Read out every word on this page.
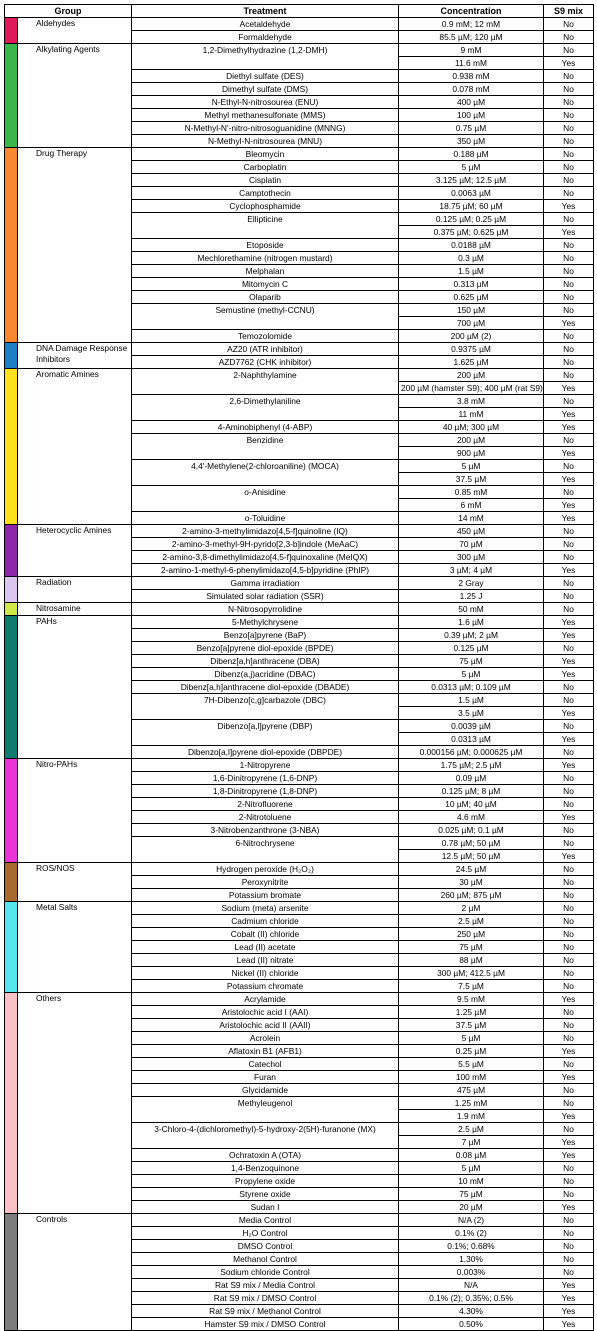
Group		Treatment	Concentration	S9 mix
	Aldehydes	Acetaldehyde	0.9 mM; 12 mM	No
		Formaldehyde	85.5 µM; 120 µM	No
	Alkylating Agents	1,2-Dimethylhydrazine (1,2-DMH)	9 mM	No
			11.6 mM	Yes
		Diethyl sulfate (DES)	0.938 mM	No
		Dimethyl sulfate (DMS)	0.078 mM	No
		N-Ethyl-N-nitrosourea (ENU)	400 µM	No
		Methyl methanesulfonate (MMS)	100 µM	No
		N-Methyl-N'-nitro-nitrosoguanidine (MNNG)	0.75 µM	No
		N-Methyl-N-nitrosourea (MNU)	350 µM	No
	Drug Therapy	Bleomycin	0.188 µM	No
		Carboplatin	5 µM	No
		Cisplatin	3.125 µM; 12.5 µM	No
		Camptothecin	0.0063 µM	No
		Cyclophosphamide	18.75 µM; 60 µM	Yes
		Ellipticine	0.125 µM; 0.25 µM	No
			0.375 µM; 0.625 µM	Yes
		Etoposide	0.0188 µM	No
		Mechlorethamine (nitrogen mustard)	0.3 µM	No
		Melphalan	1.5 µM	No
		Mitomycin C	0.313 µM	No
		Olaparib	0.625 µM	No
		Semustine (methyl-CCNU)	150 µM	No
			700 µM	Yes
		Temozolomide	200 µM (2)	No
	DNA Damage Response Inhibitors	AZ20 (ATR inhibitor)	0.9375 µM	No
		AZD7762 (CHK inhibitor)	1.625 µM	No
	Aromatic Amines	2-Naphthylamine	200 µM	No
			200 µM (hamster S9); 400 µM (rat S9)	Yes
		2,6-Dimethylaniline	3.8 mM	No
			11 mM	Yes
		4-Aminobiphenyl (4-ABP)	40 µM; 300 µM	Yes
		Benzidine	200 µM	No
			900 µM	Yes
		4,4'-Methylene(2-chloroaniline) (MOCA)	5 µM	No
			37.5 µM	Yes
		o-Anisidine	0.85 mM	No
			6 mM	Yes
		o-Toluidine	14 mM	Yes
	Heterocyclic Amines	2-amino-3-methylimidazo[4,5-f]quinoline (IQ)	450 µM	No
		2-amino-3-methyl-9H-pyrido[2,3-b]indole (MeAaC)	70 µM	No
		2-amino-3,8-dimethylimidazo[4,5-f]quinoxaline (MeIQX)	300 µM	No
		2-amino-1-methyl-6-phenylimidazo[4,5-b]pyridine (PhIP)	3 µM; 4 µM	Yes
	Radiation	Gamma irradiation	2 Gray	No
		Simulated solar radiation (SSR)	1.25 J	No
	Nitrosamine	N-Nitrosopyrrolidine	50 mM	No
	PAHs	5-Methylchrysene	1.6 µM	Yes
		Benzo[a]pyrene (BaP)	0.39 µM; 2 µM	Yes
		Benzo[a]pyrene diol-epoxide (BPDE)	0.125 µM	No
		Dibenz[a,h]anthracene (DBA)	75 µM	Yes
		Dibenz(a,j)acridine (DBAC)	5 µM	Yes
		Dibenz[a,h]anthracene diol-epoxide (DBADE)	0.0313 µM; 0.109 µM	No
		7H-Dibenzo[c,g]carbazole (DBC)	1.5 µM	No
			3.5 µM	Yes
		Dibenzo[a,l]pyrene (DBP)	0.0039 µM	No
			0.0313 µM	Yes
		Dibenzo[a,l]pyrene diol-epoxide (DBPDE)	0.000156 µM; 0.000625 µM	No
	Nitro-PAHs	1-Nitropyrene	1.75 µM; 2.5 µM	Yes
		1,6-Dinitropyrene (1,6-DNP)	0.09 µM	No
		1,8-Dinitropyrene (1,8-DNP)	0.125 µM; 8 µM	No
		2-Nitrofluorene	10 µM; 40 µM	No
		2-Nitrotoluene	4.6 mM	Yes
		3-Nitrobenzanthrone (3-NBA)	0.025 µM; 0.1 µM	No
		6-Nitrochrysene	0.78 µM; 50 µM	No
			12.5 µM; 50 µM	Yes
	ROS/NOS	Hydrogen peroxide (H₂O₂)	24.5 µM	No
		Peroxynitrite	30 µM	No
		Potassium bromate	260 µM; 875 µM	No
	Metal Salts	Sodium (meta) arsenite	2 µM	No
		Cadmium chloride	2.5 µM	No
		Cobalt (II) chloride	250 µM	No
		Lead (II) acetate	75 µM	No
		Lead (II) nitrate	88 µM	No
		Nickel (II) chloride	300 µM; 412.5 µM	No
		Potassium chromate	7.5 µM	No
	Others	Acrylamide	9.5 mM	Yes
		Aristolochic acid I (AAI)	1.25 µM	No
		Aristolochic acid II (AAII)	37.5 µM	No
		Acrolein	5 µM	No
		Aflatoxin B1 (AFB1)	0.25 µM	Yes
		Catechol	5.5 µM	No
		Furan	100 mM	Yes
		Glycidamide	475 µM	No
		Methyleugenol	1.25 mM	No
			1.9 mM	Yes
		3-Chloro-4-(dichloromethyl)-5-hydroxy-2(5H)-furanone (MX)	2.5 µM	No
			7 µM	Yes
		Ochratoxin A (OTA)	0.08 µM	Yes
		1,4-Benzoquinone	5 µM	No
		Propylene oxide	10 mM	No
		Styrene oxide	75 µM	No
		Sudan I	20 µM	Yes
	Controls	Media Control	N/A (2)	No
		H₂O Control	0.1% (2)	No
		DMSO Control	0.1%; 0.68%	No
		Methanol Control	1.30%	No
		Sodium chloride Control	0.003%	No
		Rat S9 mix / Media Control	N/A	Yes
		Rat S9 mix / DMSO Control	0.1% (2); 0.35%; 0.5%	Yes
		Rat S9 mix / Methanol Control	4.30%	Yes
		Hamster S9 mix / DMSO Control	0.50%	Yes
